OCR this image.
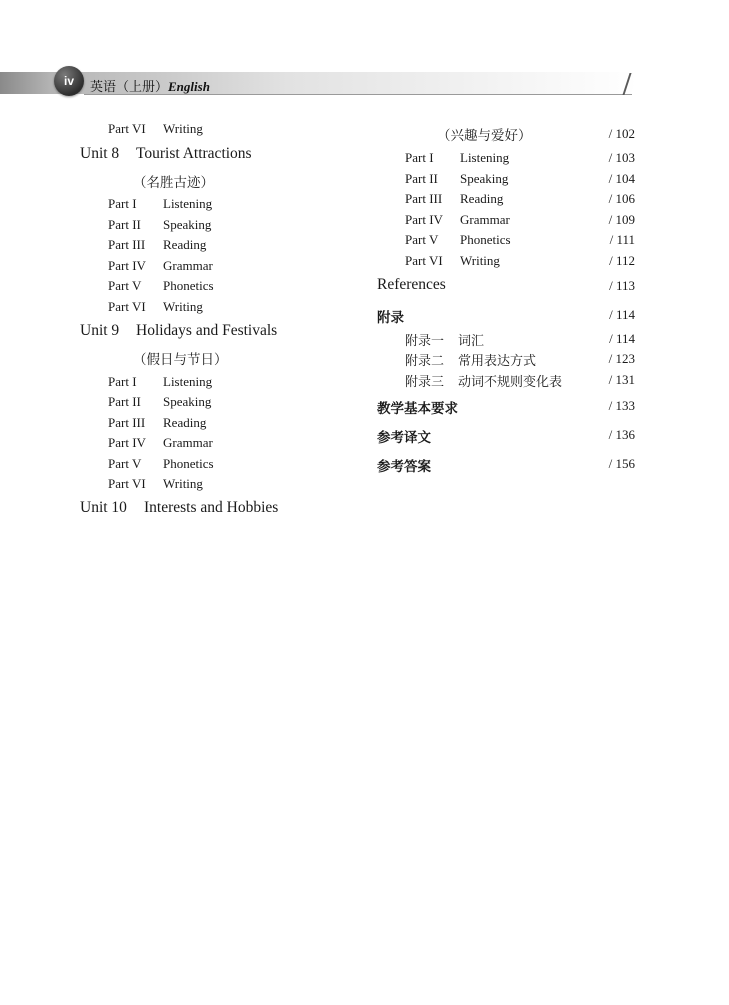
iv	英语（上册）English
Part VI Writing
Unit 8 Tourist Attractions
（名胜古迹）
Part I Listening
Part II Speaking
Part III Reading
Part IV Grammar
Part V Phonetics
Part VI Writing
Unit 9 Holidays and Festivals
（假日与节日）
Part I Listening
Part II Speaking
Part III Reading
Part IV Grammar
Part V Phonetics
Part VI Writing
Unit 10 Interests and Hobbies
（兴趣与爱好）	/ 102
Part I Listening	/ 103
Part II Speaking	/ 104
Part III Reading	/ 106
Part IV Grammar	/ 109
Part V Phonetics	/ 111
Part VI Writing	/ 112
References	/ 113
附录	/ 114
附录一 词汇	/ 114
附录二 常用表达方式	/ 123
附录三 动词不规则变化表	/ 131
教学基本要求	/ 133
参考译文	/ 136
参考答案	/ 156
